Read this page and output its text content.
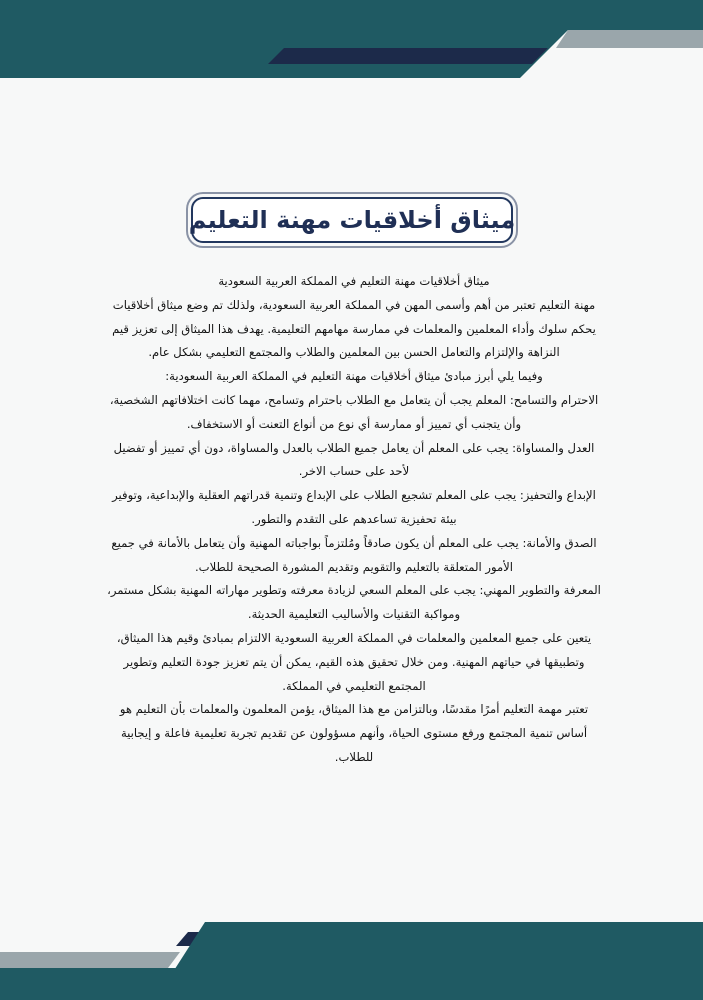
ميثاق أخلاقيات مهنة التعليم

ميثاق أخلاقيات مهنة التعليم في المملكة العربية السعودية

مهنة التعليم تعتبر من أهم وأسمى المهن في المملكة العربية السعودية، ولذلك تم وضع ميثاق أخلاقيات يحكم سلوك وأداء المعلمين والمعلمات في ممارسة مهامهم التعليمية. يهدف هذا الميثاق إلى تعزيز قيم النزاهة والإلتزام والتعامل الحسن بين المعلمين والطلاب والمجتمع التعليمي بشكل عام.

وفيما يلي أبرز مبادئ ميثاق أخلاقيات مهنة التعليم في المملكة العربية السعودية:

الاحترام والتسامح: المعلم يجب أن يتعامل مع الطلاب باحترام وتسامح، مهما كانت اختلافاتهم الشخصية، وأن يتجنب أي تمييز أو ممارسة أي نوع من أنواع التعنت أو الاستخفاف.

العدل والمساواة: يجب على المعلم أن يعامل جميع الطلاب بالعدل والمساواة، دون أي تمييز أو تفضيل لأحد على حساب الاخر.

الإبداع والتحفيز: يجب على المعلم تشجيع الطلاب على الإبداع وتنمية قدراتهم العقلية والإبداعية، وتوفير بيئة تحفيزية تساعدهم على التقدم والتطور.

الصدق والأمانة: يجب على المعلم أن يكون صادقاً ومُلتزماً بواجباته المهنية وأن يتعامل بالأمانة في جميع الأمور المتعلقة بالتعليم والتقويم وتقديم المشورة الصحيحة للطلاب.

المعرفة والتطوير المهني: يجب على المعلم السعي لزيادة معرفته وتطوير مهاراته المهنية بشكل مستمر، ومواكبة التقنيات والأساليب التعليمية الحديثة.

يتعين على جميع المعلمين والمعلمات في المملكة العربية السعودية الالتزام بمبادئ وقيم هذا الميثاق، وتطبيقها في حياتهم المهنية. ومن خلال تحقيق هذه القيم، يمكن أن يتم تعزيز جودة التعليم وتطوير المجتمع التعليمي في المملكة.

تعتبر مهمة التعليم أمرًا مقدسًا، وبالتزامن مع هذا الميثاق، يؤمن المعلمون والمعلمات بأن التعليم هو أساس تنمية المجتمع ورفع مستوى الحياة، وأنهم مسؤولون عن تقديم تجربة تعليمية فاعلة و إيجابية للطلاب.
